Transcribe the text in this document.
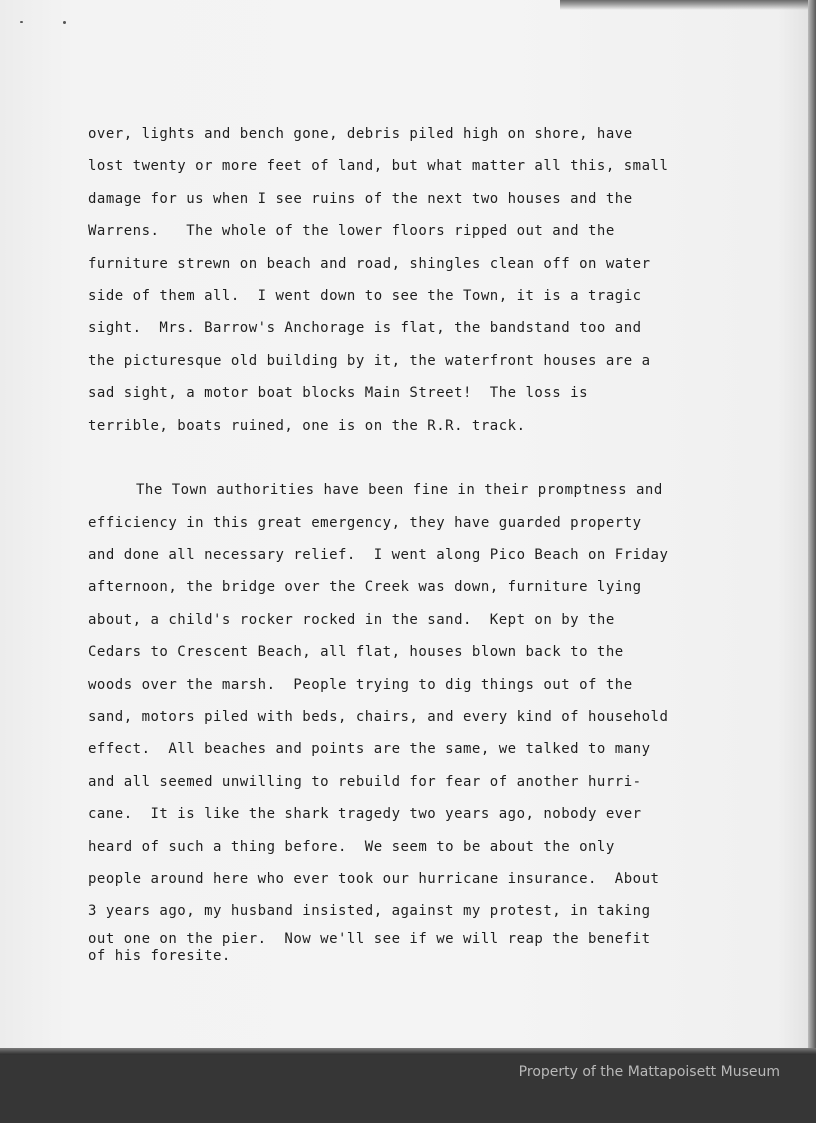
over, lights and bench gone, debris piled high on shore, have
lost twenty or more feet of land, but what matter all this, small
damage for us when I see ruins of the next two houses and the
Warrens.   The whole of the lower floors ripped out and the
furniture strewn on beach and road, shingles clean off on water
side of them all.  I went down to see the Town, it is a tragic
sight.  Mrs. Barrow's Anchorage is flat, the bandstand too and
the picturesque old building by it, the waterfront houses are a
sad sight, a motor boat blocks Main Street!  The loss is
terrible, boats ruined, one is on the R.R. track.
The Town authorities have been fine in their promptness and
efficiency in this great emergency, they have guarded property
and done all necessary relief.  I went along Pico Beach on Friday
afternoon, the bridge over the Creek was down, furniture lying
about, a child's rocker rocked in the sand.  Kept on by the
Cedars to Crescent Beach, all flat, houses blown back to the
woods over the marsh.  People trying to dig things out of the
sand, motors piled with beds, chairs, and every kind of household
effect.  All beaches and points are the same, we talked to many
and all seemed unwilling to rebuild for fear of another hurri-
cane.  It is like the shark tragedy two years ago, nobody ever
heard of such a thing before.  We seem to be about the only
people around here who ever took our hurricane insurance.  About
3 years ago, my husband insisted, against my protest, in taking
out one on the pier.  Now we'll see if we will reap the benefit
of his foresite.
Property of the Mattapoisett Museum
